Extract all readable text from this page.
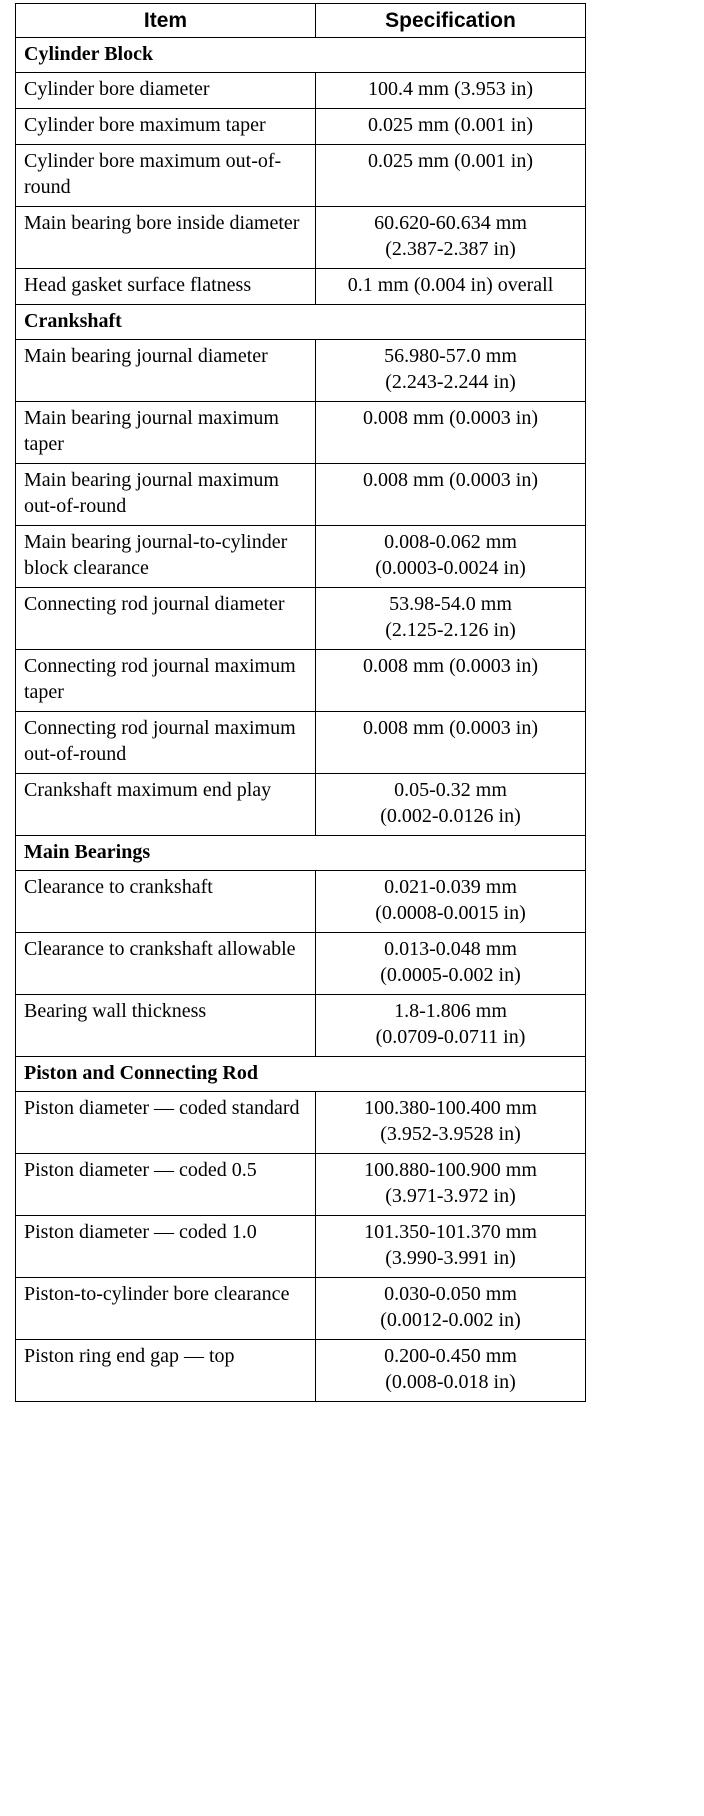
Item	Specification
Cylinder Block	
Cylinder bore diameter	100.4 mm (3.953 in)

Cylinder bore maximum taper	0.025 mm (0.001 in)

Cylinder bore maximum out-of-round	0.025 mm (0.001 in)

Main bearing bore inside diameter	60.620-60.634 mm
(2.387-2.387 in)

Head gasket surface flatness	0.1 mm (0.004 in) overall

Crankshaft	
Main bearing journal diameter	56.980-57.0 mm
(2.243-2.244 in)

Main bearing journal maximum taper	0.008 mm (0.0003 in)

Main bearing journal maximum out-of-round	0.008 mm (0.0003 in)

Main bearing journal-to-cylinder block clearance	0.008-0.062 mm
(0.0003-0.0024 in)

Connecting rod journal diameter	53.98-54.0 mm
(2.125-2.126 in)

Connecting rod journal maximum taper	0.008 mm (0.0003 in)

Connecting rod journal maximum out-of-round	0.008 mm (0.0003 in)

Crankshaft maximum end play	0.05-0.32 mm
(0.002-0.0126 in)

Main Bearings	
Clearance to crankshaft	0.021-0.039 mm
(0.0008-0.0015 in)

Clearance to crankshaft allowable	0.013-0.048 mm
(0.0005-0.002 in)

Bearing wall thickness	1.8-1.806 mm
(0.0709-0.0711 in)

Piston and Connecting Rod	
Piston diameter — coded standard	100.380-100.400 mm
(3.952-3.9528 in)

Piston diameter — coded 0.5	100.880-100.900 mm
(3.971-3.972 in)

Piston diameter — coded 1.0	101.350-101.370 mm
(3.990-3.991 in)

Piston-to-cylinder bore clearance	0.030-0.050 mm
(0.0012-0.002 in)

Piston ring end gap — top	0.200-0.450 mm
(0.008-0.018 in)
